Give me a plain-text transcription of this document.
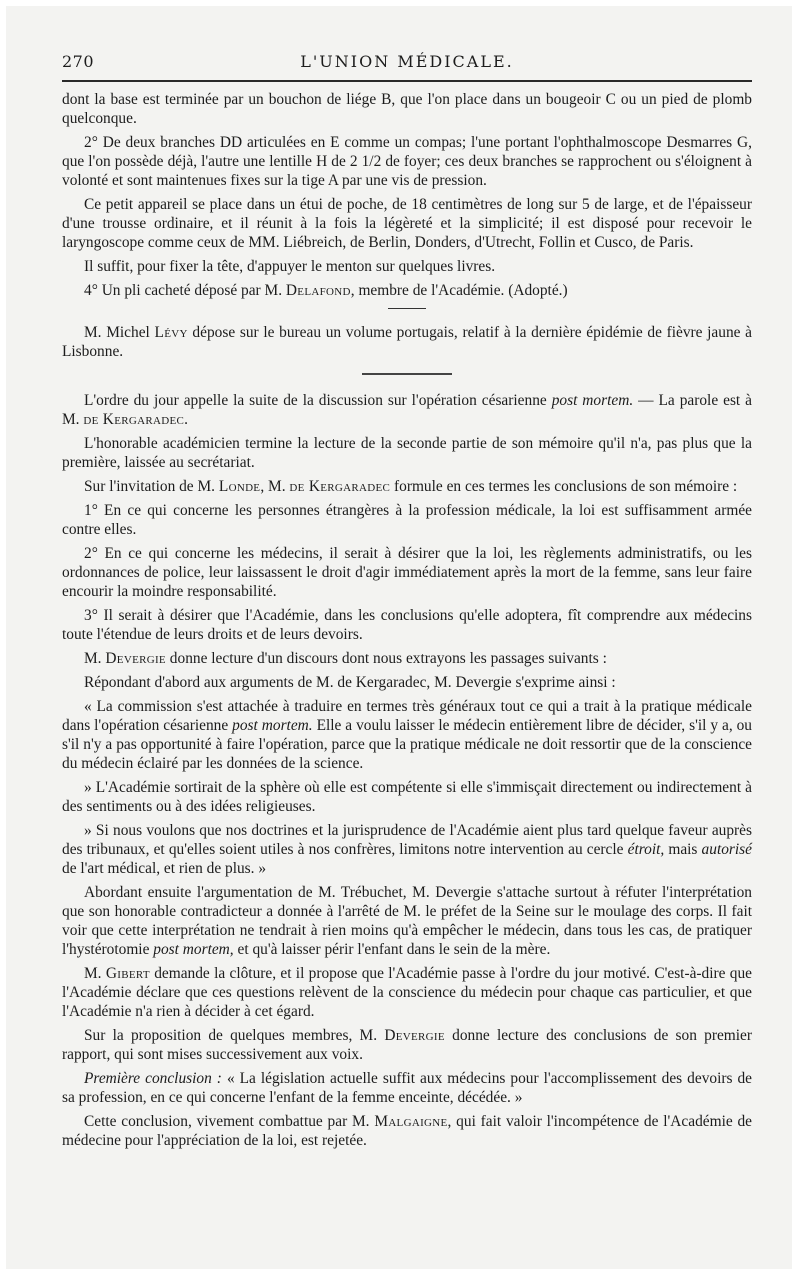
270	L'UNION MÉDICALE.

dont la base est terminée par un bouchon de liége B, que l'on place dans un bougeoir C ou un pied de plomb quelconque.

2° De deux branches DD articulées en E comme un compas; l'une portant l'ophthalmoscope Desmarres G, que l'on possède déjà, l'autre une lentille H de 2 1/2 de foyer; ces deux branches se rapprochent ou s'éloignent à volonté et sont maintenues fixes sur la tige A par une vis de pression.

Ce petit appareil se place dans un étui de poche, de 18 centimètres de long sur 5 de large, et de l'épaisseur d'une trousse ordinaire, et il réunit à la fois la légèreté et la simplicité; il est disposé pour recevoir le laryngoscope comme ceux de MM. Liébreich, de Berlin, Donders, d'Utrecht, Follin et Cusco, de Paris.

Il suffit, pour fixer la tête, d'appuyer le menton sur quelques livres.

4° Un pli cacheté déposé par M. Delafond, membre de l'Académie. (Adopté.)

M. Michel Lévy dépose sur le bureau un volume portugais, relatif à la dernière épidémie de fièvre jaune à Lisbonne.

L'ordre du jour appelle la suite de la discussion sur l'opération césarienne post mortem. — La parole est à M. de Kergaradec.

L'honorable académicien termine la lecture de la seconde partie de son mémoire qu'il n'a, pas plus que la première, laissée au secrétariat.

Sur l'invitation de M. Londe, M. de Kergaradec formule en ces termes les conclusions de son mémoire :

1° En ce qui concerne les personnes étrangères à la profession médicale, la loi est suffisamment armée contre elles.

2° En ce qui concerne les médecins, il serait à désirer que la loi, les règlements administratifs, ou les ordonnances de police, leur laissassent le droit d'agir immédiatement après la mort de la femme, sans leur faire encourir la moindre responsabilité.

3° Il serait à désirer que l'Académie, dans les conclusions qu'elle adoptera, fît comprendre aux médecins toute l'étendue de leurs droits et de leurs devoirs.

M. Devergie donne lecture d'un discours dont nous extrayons les passages suivants :

Répondant d'abord aux arguments de M. de Kergaradec, M. Devergie s'exprime ainsi :

« La commission s'est attachée à traduire en termes très généraux tout ce qui a trait à la pratique médicale dans l'opération césarienne post mortem. Elle a voulu laisser le médecin entièrement libre de décider, s'il y a, ou s'il n'y a pas opportunité à faire l'opération, parce que la pratique médicale ne doit ressortir que de la conscience du médecin éclairé par les données de la science.

» L'Académie sortirait de la sphère où elle est compétente si elle s'immisçait directement ou indirectement à des sentiments ou à des idées religieuses.

» Si nous voulons que nos doctrines et la jurisprudence de l'Académie aient plus tard quelque faveur auprès des tribunaux, et qu'elles soient utiles à nos confrères, limitons notre intervention au cercle étroit, mais autorisé de l'art médical, et rien de plus. »

Abordant ensuite l'argumentation de M. Trébuchet, M. Devergie s'attache surtout à réfuter l'interprétation que son honorable contradicteur a donnée à l'arrêté de M. le préfet de la Seine sur le moulage des corps. Il fait voir que cette interprétation ne tendrait à rien moins qu'à empêcher le médecin, dans tous les cas, de pratiquer l'hystérotomie post mortem, et qu'à laisser périr l'enfant dans le sein de la mère.

M. Gibert demande la clôture, et il propose que l'Académie passe à l'ordre du jour motivé. C'est-à-dire que l'Académie déclare que ces questions relèvent de la conscience du médecin pour chaque cas particulier, et que l'Académie n'a rien à décider à cet égard.

Sur la proposition de quelques membres, M. Devergie donne lecture des conclusions de son premier rapport, qui sont mises successivement aux voix.

Première conclusion : « La législation actuelle suffit aux médecins pour l'accomplissement des devoirs de sa profession, en ce qui concerne l'enfant de la femme enceinte, décédée. »

Cette conclusion, vivement combattue par M. Malgaigne, qui fait valoir l'incompétence de l'Académie de médecine pour l'appréciation de la loi, est rejetée.
